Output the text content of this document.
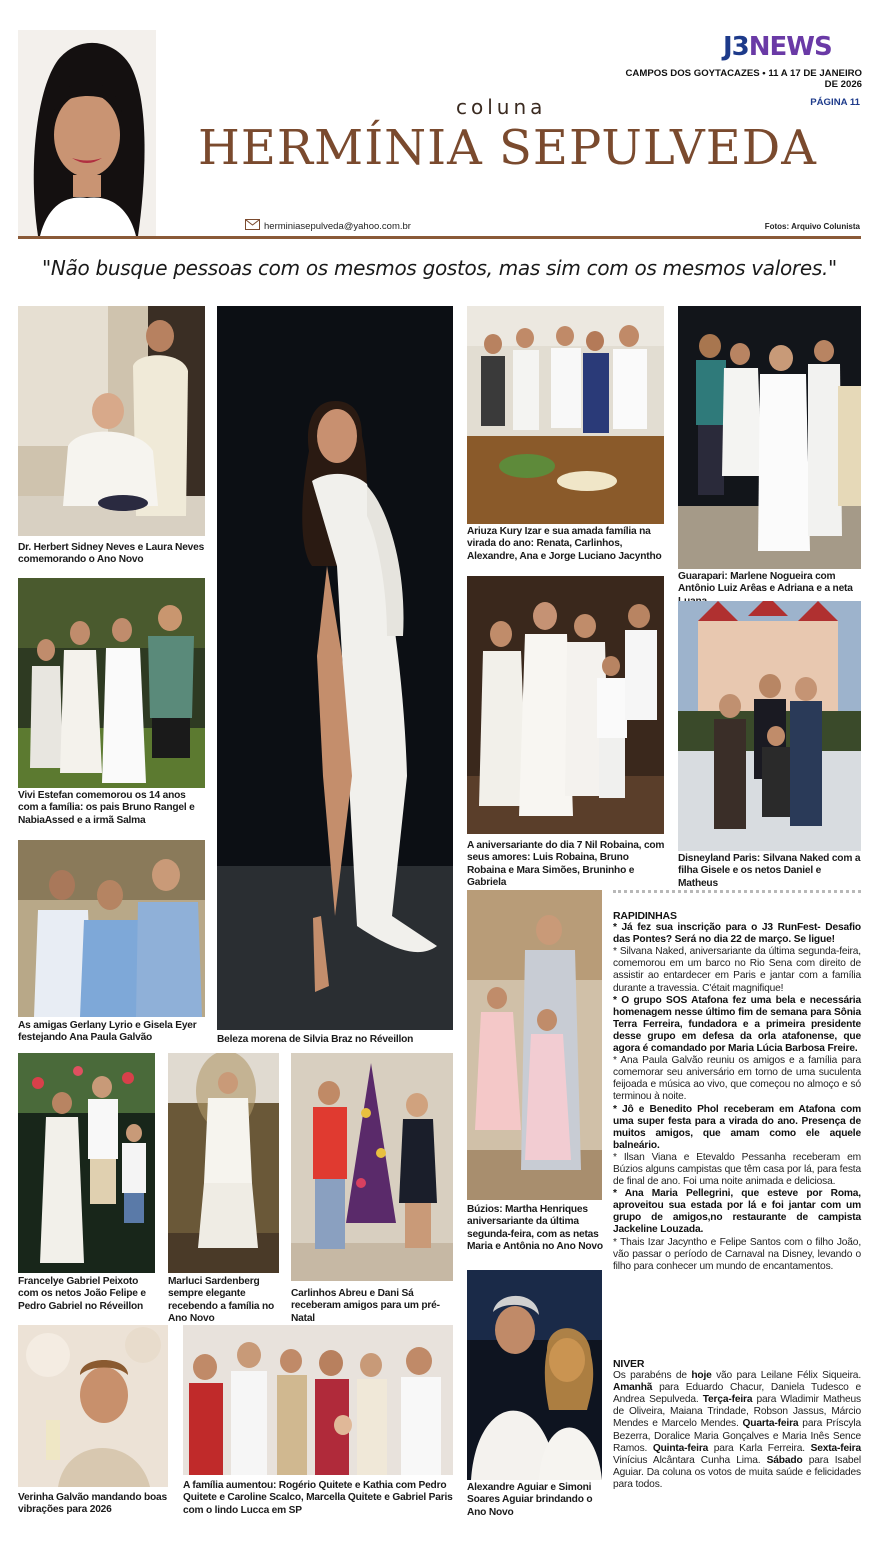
J3NEWS
CAMPOS DOS GOYTACAZES • 11 A 17 DE JANEIRO DE 2026
PÁGINA 11
coluna
HERMÍNIA SEPULVEDA
herminiasepulveda@yahoo.com.br	Fotos: Arquivo Colunista
"Não busque pessoas com os mesmos gostos, mas sim com os mesmos valores."
Dr. Herbert Sidney Neves e Laura Neves comemorando o Ano Novo
Vivi Estefan comemorou os 14 anos com a família: os pais Bruno Rangel e NabiaAssed e a irmã Salma
As amigas Gerlany Lyrio e Gisela Eyer festejando Ana Paula Galvão	Beleza morena de Silvia Braz no Réveillon
Ariuza Kury Izar e sua amada família na virada do ano: Renata, Carlinhos, Alexandre, Ana e Jorge Luciano Jacyntho
Guarapari: Marlene Nogueira com Antônio Luiz Arêas e Adriana e a neta
A aniversariante do dia 7 Nil Robaina, com seus amores: Luis Robaina, Bruno Robaina e Mara Simões, Bruninho e Gabriela
Disneyland Paris: Silvana Naked com a filha Gisele e os netos Daniel e Matheus
Francelye Gabriel Peixoto com os netos João Felipe e Pedro Gabriel no Réveillon
Marluci Sardenberg sempre elegante recebendo a família no Ano Novo
Carlinhos Abreu e Dani Sá receberam amigos para um pré-Natal
Búzios: Martha Henriques aniversariante da última segunda-feira, com as netas Maria e Antônia no Ano Novo
Verinha Galvão mandando boas vibrações para 2026
A família aumentou: Rogério Quitete e Kathia com Pedro Quitete e Caroline Scalco, Marcella Quitete e Gabriel Paris com o lindo Lucca em SP
Alexandre Aguiar e Simoni Soares Aguiar brindando o Ano Novo
RAPIDINHAS

* Já fez sua inscrição para o J3 RunFest- Desafio das Pontes? Será no dia 22 de março. Se ligue!

* Silvana Naked, aniversariante da última segunda-feira, comemorou em um barco no Rio Sena com direito de assistir ao entardecer em Paris e jantar com a família durante a travessia. C'était magnifique!

* O grupo SOS Atafona fez uma bela e necessária homenagem nesse último fim de semana para Sônia Terra Ferreira, fundadora e a primeira presidente desse grupo em defesa da orla atafonense, que agora é comandado por Maria Lúcia Barbosa Freire.

* Ana Paula Galvão reuniu os amigos e a família para comemorar seu aniversário em torno de uma suculenta feijoada e música ao vivo, que começou no almoço e só terminou à noite.

* Jô e Benedito Phol receberam em Atafona com uma super festa para a virada do ano. Presença de muitos amigos, que amam como ele aquele balneário.

* Ilsan Viana e Etevaldo Pessanha receberam em Búzios alguns campistas que têm casa por lá, para festa de final de ano. Foi uma noite animada e deliciosa.

* Ana Maria Pellegrini, que esteve por Roma, aproveitou sua estada por lá e foi jantar com um grupo de amigos,no restaurante de campista Jackeline Louzada.

* Thais Izar Jacyntho e Felipe Santos com o filho João, vão passar o período de Carnaval na Disney, levando o filho para conhecer um mundo de encantamentos.

NIVER

Os parabéns de hoje vão para Leilane Félix Siqueira. Amanhã para Eduardo Chacur, Daniela Tudesco e Andrea Sepulveda. Terça-feira para Wladimir Matheus de Oliveira, Maiana Trindade, Robson Jassus, Márcio Mendes e Marcelo Mendes. Quarta-feira para Príscyla Bezerra, Doralice Maria Gonçalves e Maria Inês Sence Ramos. Quinta-feira para Karla Ferreira. Sexta-feira Vinícius Alcântara Cunha Lima. Sábado para Isabel Aguiar. Da coluna os votos de muita saúde e felicidades para todos.
